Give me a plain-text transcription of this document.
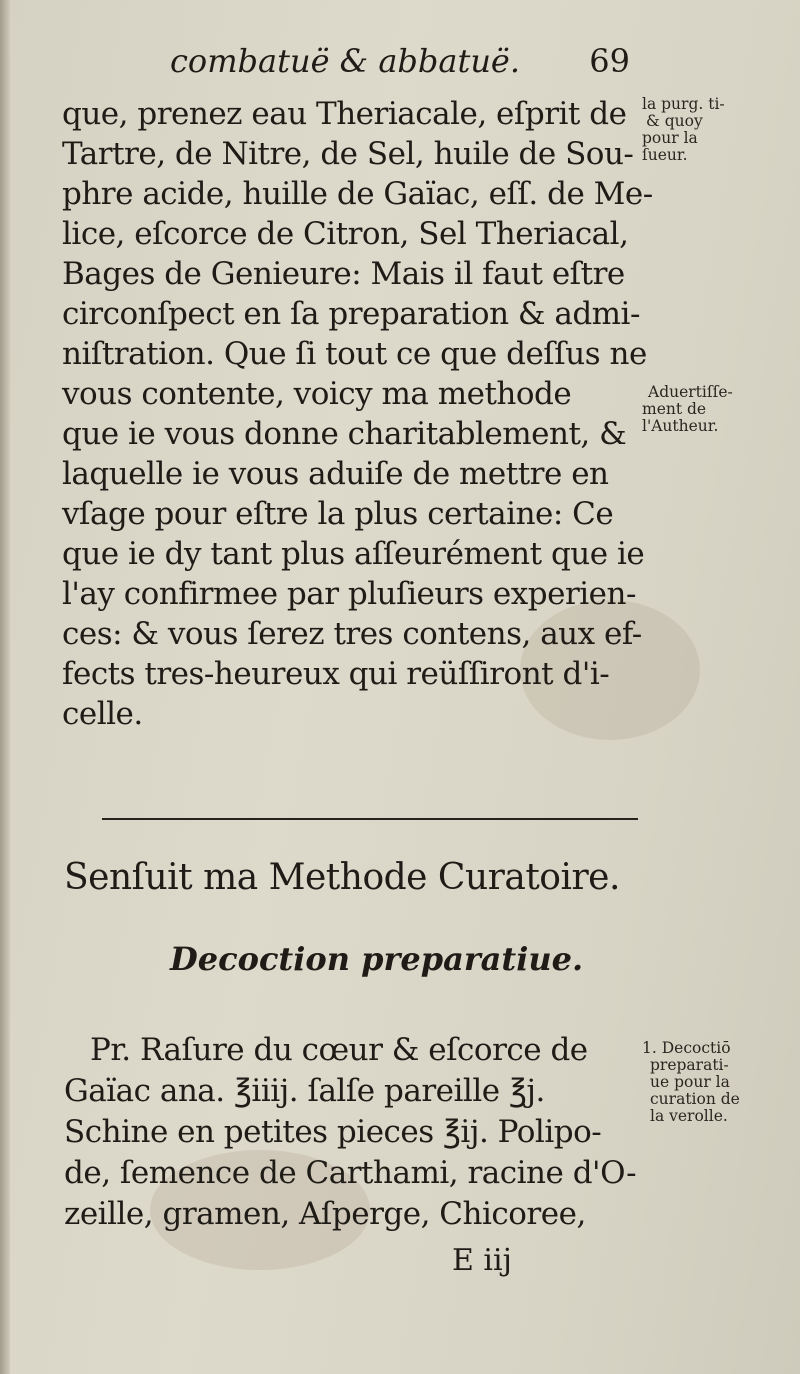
combatuë & abbatuë. 69
que, prenez eau Theriacale, eſprit de
Tartre, de Nitre, de Sel, huile de Sou-
phre acide, huille de Gaïac, eſſ. de Me-
lice, eſcorce de Citron, Sel Theriacal,
Bages de Genieure: Mais il faut eſtre
circonſpect en ſa preparation & admi-
niſtration. Que ſi tout ce que deſſus ne
vous contente, voicy ma methode
que ie vous donne charitablement, &
laquelle ie vous aduiſe de mettre en
vſage pour eſtre la plus certaine: Ce
que ie dy tant plus aſſeurément que ie
l'ay confirmee par pluſieurs experien-
ces: & vous ſerez tres contens, aux ef-
fects tres-heureux qui reüſſiront d'i-
celle.
la purg. ti-
& quoy
pour la
ſueur.
Aduertiſſe-
ment de
l'Autheur.
Senſuit ma Methode Curatoire.
Decoction preparatiue.
Pr. Raſure du cœur & eſcorce de
Gaïac ana. ℥iiij. ſalſe pareille ℥j.
Schine en petites pieces ℥ij. Polipo-
de, ſemence de Carthami, racine d'O-
zeille, gramen, Aſperge, Chicoree,
1. Decoctiō
preparati-
ue pour la
curation de
la verolle.
E iij
